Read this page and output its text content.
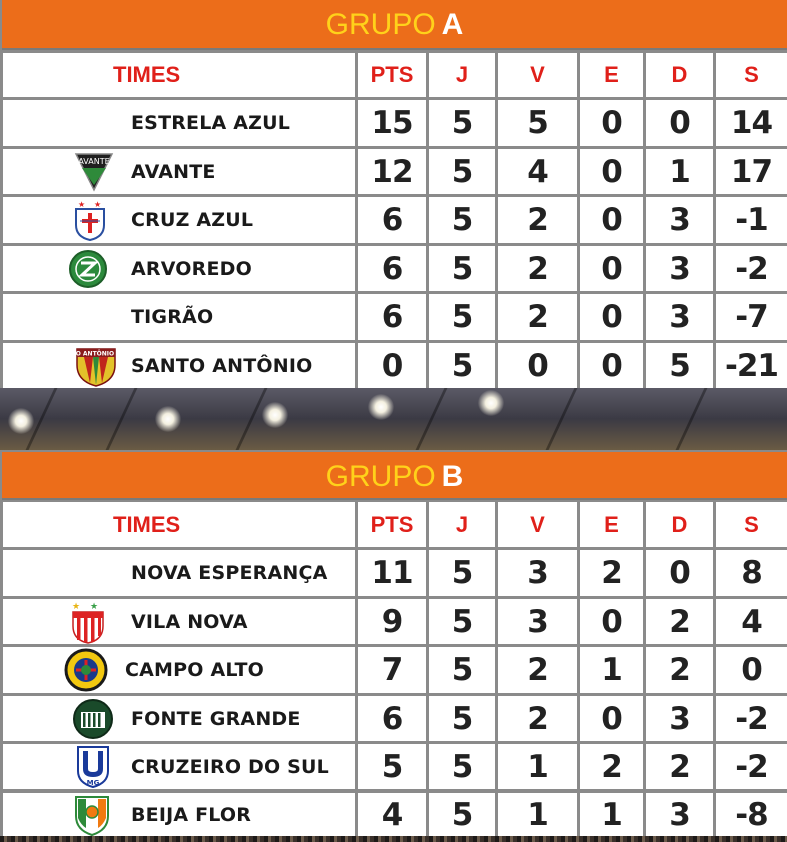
GRUPO A
TIMES	PTS	J	V	E	D	S
ESTRELA AZUL	15	5	5	0	0	14
AVANTE AVANTE	12	5	4	0	1	17
★ ★
CRUZ AZUL	6	5	2	0	3	-1
ARVOREDO	6	5	2	0	3	-2
TIGRÃO	6	5	2	0	3	-7
STO ANTÔNIO FC
SANTO ANTÔNIO	0	5	0	0	5	-21
GRUPO B
TIMES	PTS	J	V	E	D	S
NOVA ESPERANÇA	11	5	3	2	0	8
★ ★
VILA NOVA	9	5	3	0	2	4
CAMPO ALTO	7	5	2	1	2	0
FONTE GRANDE	6	5	2	0	3	-2
MG
CRUZEIRO DO SUL	5	5	1	2	2	-2
BEIJA FLOR	4	5	1	1	3	-8
